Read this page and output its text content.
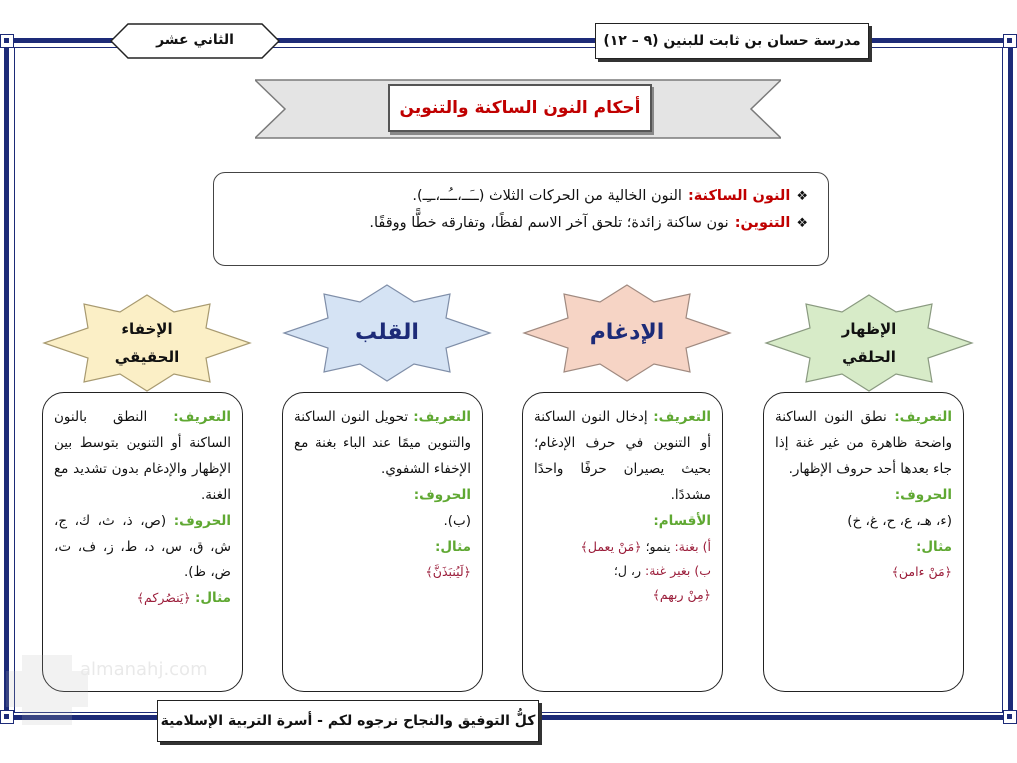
مدرسة حسان بن ثابت للبنين (٩ – ١٢)
الثاني عشر
أحكام النون الساكنة والتنوين
❖
النون الساكنة:
النون الخالية من الحركات الثلاث (ــَــ،ــُــ،ــِـ).
❖
التنوين:
نون ساكنة زائدة؛ تلحق آخر الاسم لفظًا، وتفارقه خطًّا ووقفًا.
الإظهار
الحلقي
الإدغام
القلب
الإخفاء
الحقيقي

التعريف: نطق النون الساكنة واضحة ظاهرة من غير غنة إذا جاء بعدها أحد حروف الإظهار.

الحروف:

(ء، هـ، ع، ح، غ، خ)

مثال:

﴿مَنْ ءامن﴾

التعريف: إدخال النون الساكنة أو التنوين في حرف الإدغام؛ بحيث يصيران حرفًا واحدًا مشددًا.

الأقسام:

أ) بغنة: ينمو؛ ﴿مَنْ يعمل﴾

ب) بغير غنة: ر، ل؛

﴿مِنْ ربهم﴾

التعريف: تحويل النون الساكنة والتنوين ميمًا عند الباء بغنة مع الإخفاء الشفوي.

الحروف:

(ب).

مثال:

﴿لَيُنبَذَنَّ﴾

التعريف: النطق بالنون الساكنة أو التنوين بتوسط بين الإظهار والإدغام بدون تشديد مع الغنة.

الحروف: (ص، ذ، ث، ك، ج، ش، ق، س، د، ط، ز، ف، ت، ض، ظ).

مثال: ﴿يَنصُركم﴾

almanahj.com
كلُّ التوفيق والنجاح نرجوه لكم - أسرة التربية الإسلامية
